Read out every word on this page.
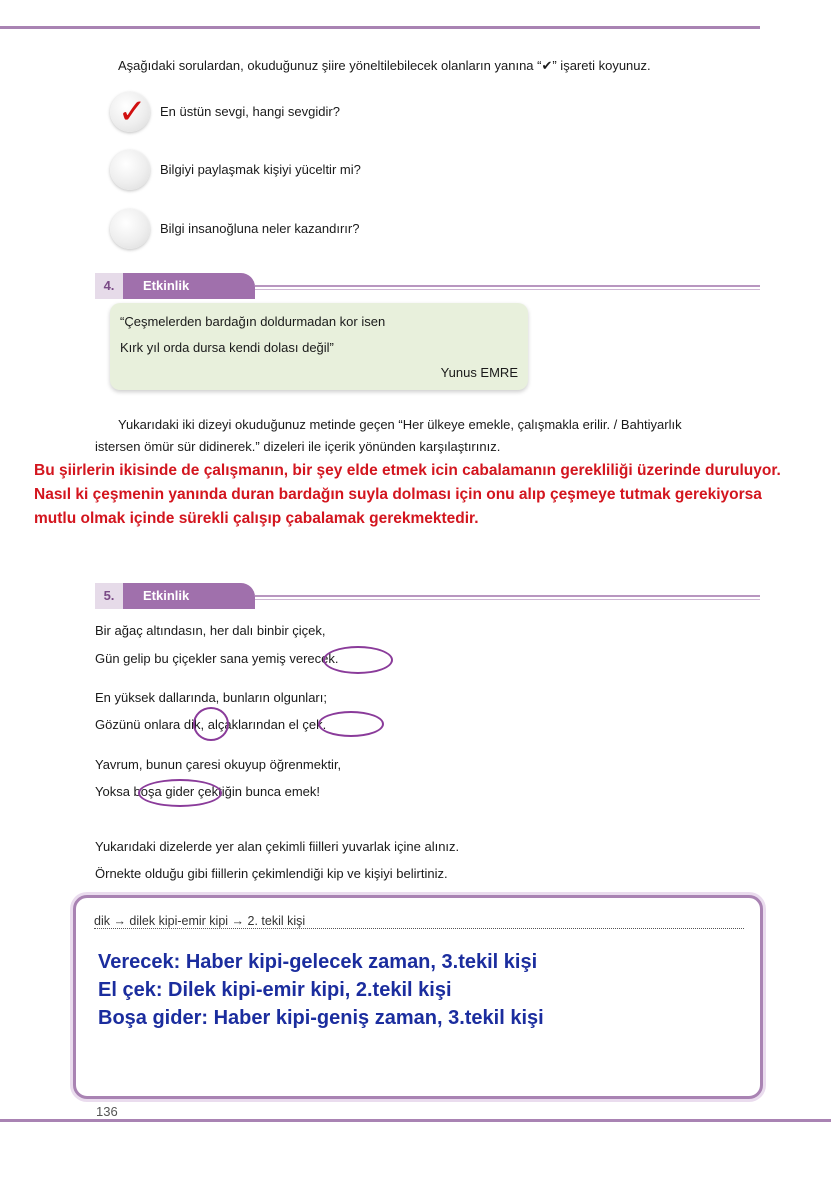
Aşağıdaki sorulardan, okuduğunuz şiire yöneltilebilecek olanların yanına “✔” işareti koyunuz.
✓ En üstün sevgi, hangi sevgidir?
Bilgiyi paylaşmak kişiyi yüceltir mi?
Bilgi insanoğluna neler kazandırır?
4.	Etkinlik
“Çeşmelerden bardağın doldurmadan kor isen
Kırk yıl orda dursa kendi dolası değil”
Yunus EMRE
Yukarıdaki iki dizeyi okuduğunuz metinde geçen “Her ülkeye emekle, çalışmakla erilir. / Bahtiyarlık
istersen ömür sür didinerek.” dizeleri ile içerik yönünden karşılaştırınız.
Bu şiirlerin ikisinde de çalışmanın, bir şey elde etmek icin cabalamanın gerekliliği üzerinde duruluyor.
Nasıl ki çeşmenin yanında duran bardağın suyla dolması için onu alıp çeşmeye tutmak gerekiyorsa
mutlu olmak içinde sürekli çalışıp çabalamak gerekmektedir.
5.	Etkinlik
Bir ağaç altındasın, her dalı binbir çiçek,
Gün gelip bu çiçekler sana yemiş verecek.
En yüksek dallarında, bunların olgunları;
Gözünü onlara dik, alçaklarından el çek.
Yavrum, bunun çaresi okuyup öğrenmektir,
Yoksa boşa gider çektiğin bunca emek!
Yukarıdaki dizelerde yer alan çekimli fiilleri yuvarlak içine alınız.
Örnekte olduğu gibi fiillerin çekimlendiği kip ve kişiyi belirtiniz.
dik → dilek kipi-emir kipi → 2. tekil kişi
Verecek: Haber kipi-gelecek zaman, 3.tekil kişi
El çek: Dilek kipi-emir kipi, 2.tekil kişi
Boşa gider: Haber kipi-geniş zaman, 3.tekil kişi
136
